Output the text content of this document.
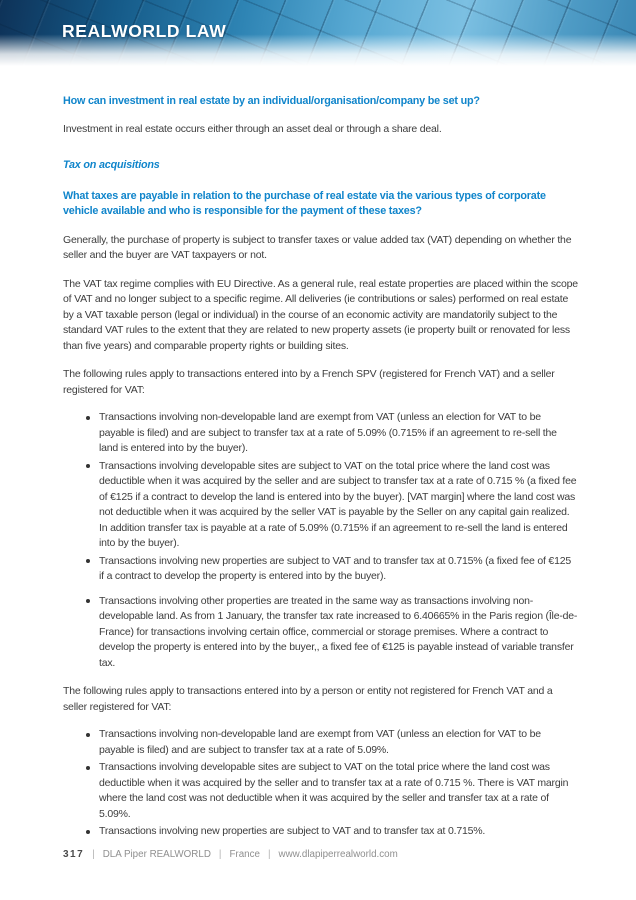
REALWORLD LAW
How can investment in real estate by an individual/organisation/company be set up?

Investment in real estate occurs either through an asset deal or through a share deal.

Tax on acquisitions
What taxes are payable in relation to the purchase of real estate via the various types of corporate vehicle available and who is responsible for the payment of these taxes?

Generally, the purchase of property is subject to transfer taxes or value added tax (VAT) depending on whether the seller and the buyer are VAT taxpayers or not.

The VAT tax regime complies with EU Directive. As a general rule, real estate properties are placed within the scope of VAT and no longer subject to a specific regime. All deliveries (ie contributions or sales) performed on real estate by a VAT taxable person (legal or individual) in the course of an economic activity are mandatorily subject to the standard VAT rules to the extent that they are related to new property assets (ie property built or renovated for less than five years) and comparable property rights or building sites.

The following rules apply to transactions entered into by a French SPV (registered for French VAT) and a seller registered for VAT:

Transactions involving non-developable land are exempt from VAT (unless an election for VAT to be payable is filed) and are subject to transfer tax at a rate of 5.09% (0.715% if an agreement to re-sell the land is entered into by the buyer).
Transactions involving developable sites are subject to VAT on the total price where the land cost was deductible when it was acquired by the seller and are subject to transfer tax at a rate of 0.715 % (a fixed fee of €125 if a contract to develop the land is entered into by the buyer). [VAT margin] where the land cost was not deductible when it was acquired by the seller VAT is payable by the Seller on any capital gain realized. In addition transfer tax is payable at a rate of 5.09% (0.715% if an agreement to re-sell the land is entered into by the buyer).
Transactions involving new properties are subject to VAT and to transfer tax at 0.715% (a fixed fee of €125 if a contract to develop the property is entered into by the buyer).
Transactions involving other properties are treated in the same way as transactions involving non-developable land. As from 1 January, the transfer tax rate increased to 6.40665% in the Paris region (Île-de-France) for transactions involving certain office, commercial or storage premises. Where a contract to develop the property is entered into by the buyer,, a fixed fee of €125 is payable instead of variable transfer tax.

The following rules apply to transactions entered into by a person or entity not registered for French VAT and a seller registered for VAT:

Transactions involving non-developable land are exempt from VAT (unless an election for VAT to be payable is filed) and are subject to transfer tax at a rate of 5.09%.
Transactions involving developable sites are subject to VAT on the total price where the land cost was deductible when it was acquired by the seller and to transfer tax at a rate of 0.715 %. There is VAT margin where the land cost was not deductible when it was acquired by the seller and transfer tax at a rate of 5.09%.
Transactions involving new properties are subject to VAT and to transfer tax at 0.715%.
317 | DLA Piper REALWORLD | France | www.dlapiperrealworld.com
